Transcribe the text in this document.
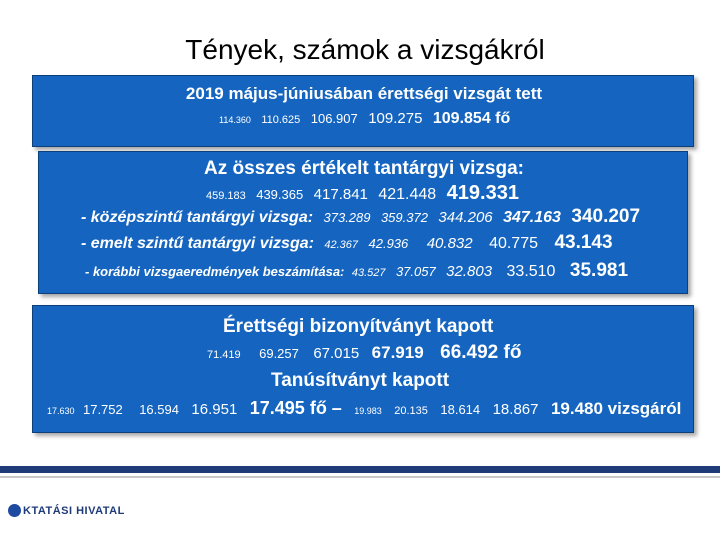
Tények, számok a vizsgákról
2019 május-júniusában érettségi vizsgát tett
114.360 110.625 106.907 109.275 109.854 fő
Az összes értékelt tantárgyi vizsga:
459.183 439.365 417.841 421.448 419.331
- középszintű tantárgyi vizsga: 373.289 359.372 344.206 347.163 340.207
- emelt szintű tantárgyi vizsga: 42.367 42.936 40.832 40.775 43.143
- korábbi vizsgaeredmények beszámítása: 43.527 37.057 32.803 33.510 35.981
Érettségi bizonyítványt kapott
71.419 69.257 67.015 67.919 66.492 fő
Tanúsítványt kapott
17.630 17.752 16.594 16.951 17.495 fő – 19.983 20.135 18.614 18.867 19.480 vizsgáról
KTATÁSI HIVATAL
